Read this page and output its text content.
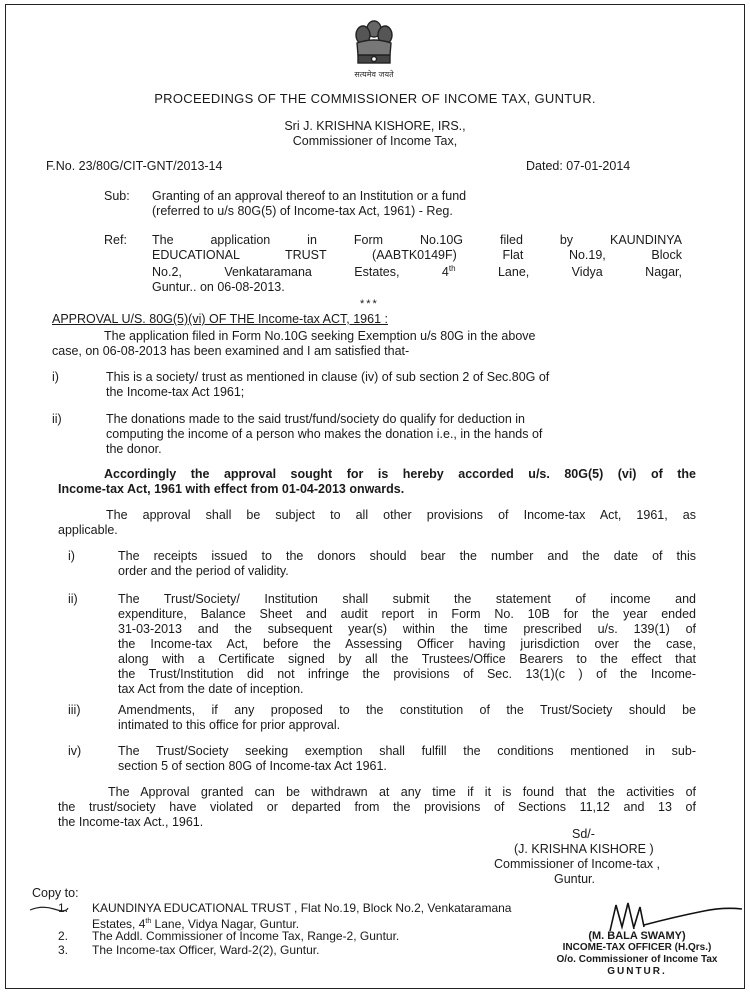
सत्यमेव जयते
PROCEEDINGS OF THE COMMISSIONER OF INCOME TAX, GUNTUR.
Sri J. KRISHNA KISHORE, IRS.,
Commissioner of Income Tax,
F.No. 23/80G/CIT-GNT/2013-14	Dated: 07-01-2014
Sub: Granting of an approval thereof to an Institution or a fund
(referred to u/s 80G(5) of Income-tax Act, 1961) - Reg.
Ref: The application in Form No.10G filed by KAUNDINYA
EDUCATIONAL TRUST (AABTK0149F) Flat No.19, Block
No.2, Venkataramana Estates, 4th Lane, Vidya Nagar,
Guntur.. on 06-08-2013.
***
APPROVAL U/S. 80G(5)(vi) OF THE Income-tax ACT, 1961 :
The application filed in Form No.10G seeking Exemption u/s 80G in the above
case, on 06-08-2013 has been examined and I am satisfied that-
i)	This is a society/ trust as mentioned in clause (iv) of sub section 2 of Sec.80G of
the Income-tax Act 1961;
ii)	The donations made to the said trust/fund/society do qualify for deduction in
computing the income of a person who makes the donation i.e., in the hands of
the donor.
Accordingly the approval sought for is hereby accorded u/s. 80G(5) (vi) of the
Income-tax Act, 1961 with effect from 01-04-2013 onwards.
The approval shall be subject to all other provisions of Income-tax Act, 1961, as
applicable.
i)	The receipts issued to the donors should bear the number and the date of this
order and the period of validity.
ii)	The Trust/Society/ Institution shall submit the statement of income and
expenditure, Balance Sheet and audit report in Form No. 10B for the year ended
31-03-2013 and the subsequent year(s) within the time prescribed u/s. 139(1) of
the Income-tax Act, before the Assessing Officer having jurisdiction over the case,
along with a Certificate signed by all the Trustees/Office Bearers to the effect that
the Trust/Institution did not infringe the provisions of Sec. 13(1)(c ) of the Income-
tax Act from the date of inception.
iii)	Amendments, if any proposed to the constitution of the Trust/Society should be
intimated to this office for prior approval.
iv)	The Trust/Society seeking exemption shall fulfill the conditions mentioned in sub-
section 5 of section 80G of Income-tax Act 1961.
The Approval granted can be withdrawn at any time if it is found that the activities of
the trust/society have violated or departed from the provisions of Sections 11,12 and 13 of
the Income-tax Act., 1961.
Sd/-
(J. KRISHNA KISHORE )
Commissioner of Income-tax ,
Guntur.
Copy to:
1. KAUNDINYA EDUCATIONAL TRUST , Flat No.19, Block No.2, Venkataramana
Estates, 4th Lane, Vidya Nagar, Guntur.
2. The Addl. Commissioner of Income Tax, Range-2, Guntur.
3. The Income-tax Officer, Ward-2(2), Guntur.
(M. BALA SWAMY)
INCOME-TAX OFFICER (H.Qrs.)
O/o. Commissioner of Income Tax
GUNTUR.
